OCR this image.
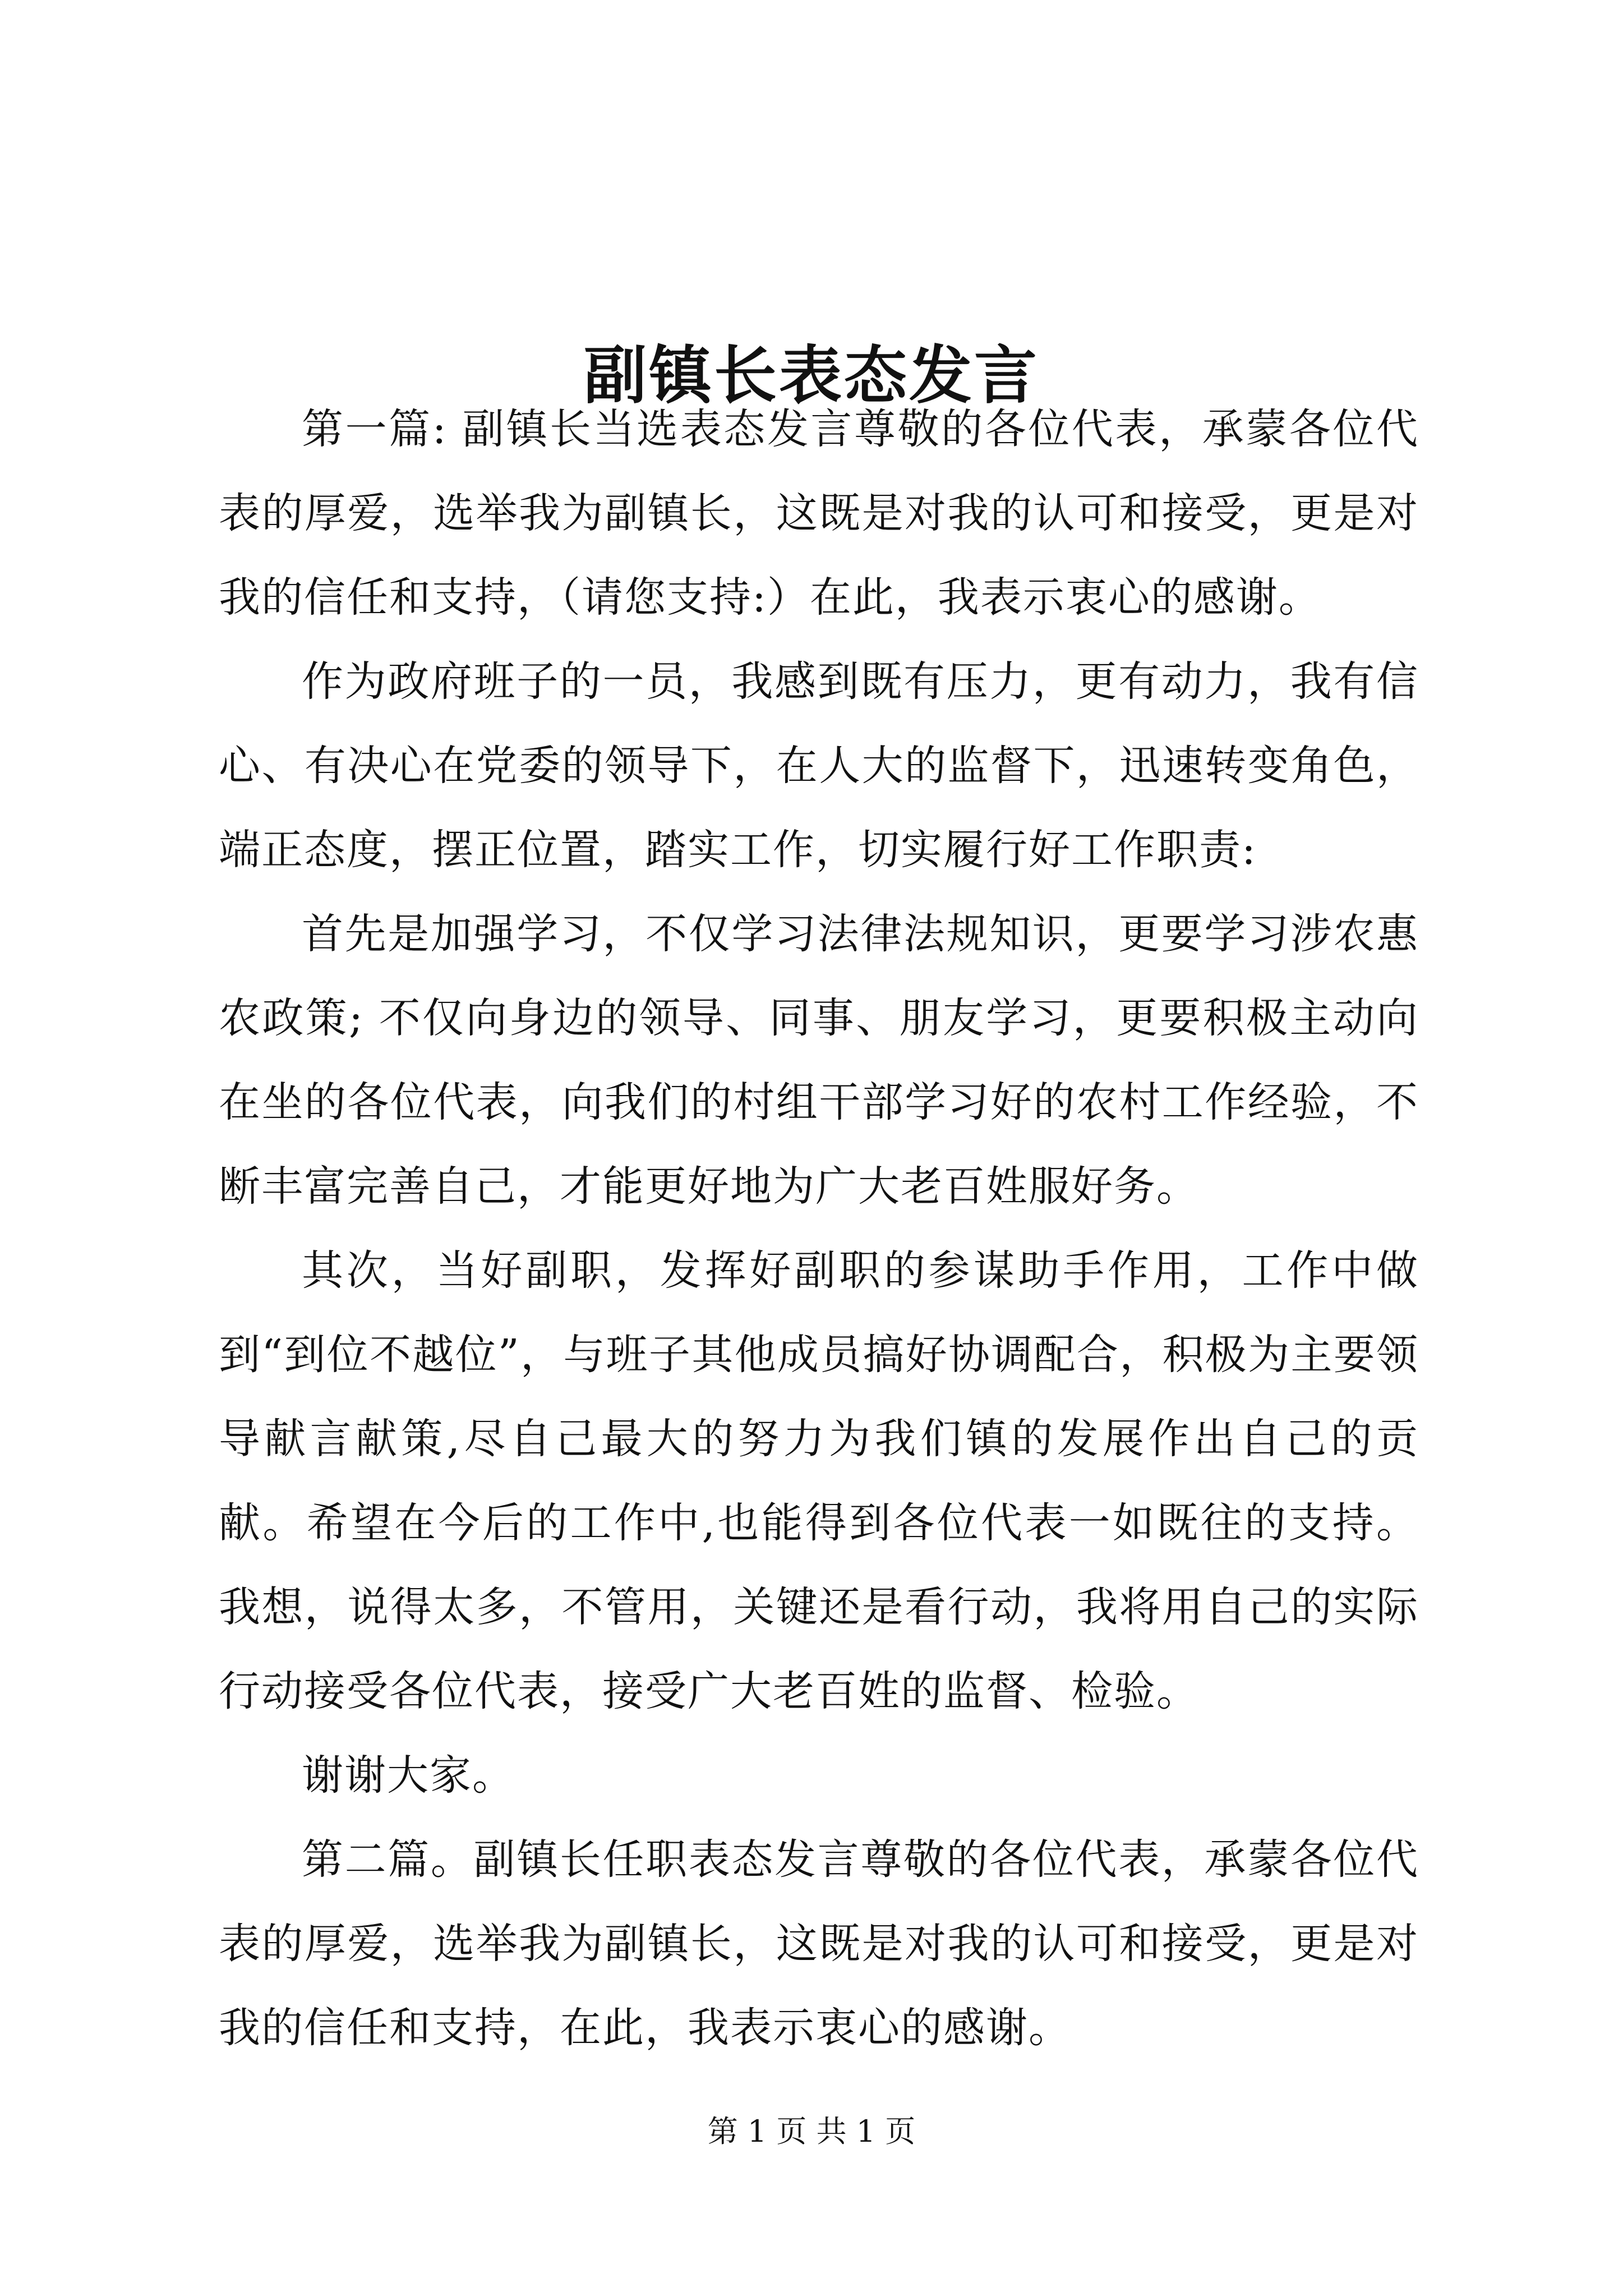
副镇长表态发言

第一篇: 副镇长当选表态发言尊敬的各位代表，承蒙各位代表的厚爱，选举我为副镇长，这既是对我的认可和接受，更是对我的信任和支持，（请您支持:）在此，我表示衷心的感谢。

作为政府班子的一员，我感到既有压力，更有动力，我有信心、有决心在党委的领导下，在人大的监督下，迅速转变角色，端正态度，摆正位置，踏实工作，切实履行好工作职责:

首先是加强学习，不仅学习法律法规知识，更要学习涉农惠农政策; 不仅向身边的领导、同事、朋友学习，更要积极主动向在坐的各位代表，向我们的村组干部学习好的农村工作经验，不断丰富完善自己，才能更好地为广大老百姓服好务。

其次，当好副职，发挥好副职的参谋助手作用，工作中做到“到位不越位”，与班子其他成员搞好协调配合，积极为主要领导献言献策,尽自己最大的努力为我们镇的发展作出自己的贡献。希望在今后的工作中,也能得到各位代表一如既往的支持。我想，说得太多，不管用，关键还是看行动，我将用自己的实际行动接受各位代表，接受广大老百姓的监督、检验。

谢谢大家。

第二篇。副镇长任职表态发言尊敬的各位代表，承蒙各位代表的厚爱，选举我为副镇长，这既是对我的认可和接受，更是对我的信任和支持，在此，我表示衷心的感谢。

第 1 页 共 1 页
